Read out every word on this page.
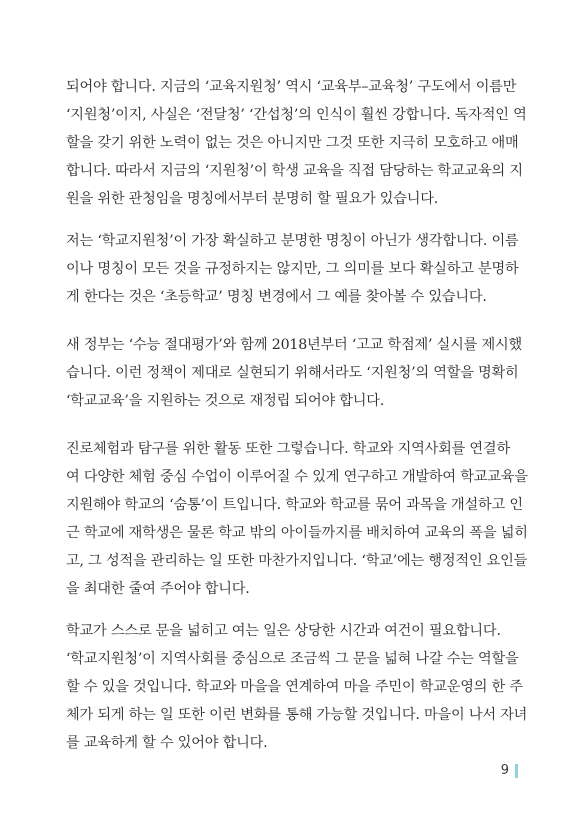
되어야 합니다. 지금의 ‘교육지원청’ 역시 ‘교육부–교육청’ 구도에서 이름만
‘지원청’이지, 사실은 ‘전달청’ ‘간섭청’의 인식이 훨씬 강합니다. 독자적인 역
할을 갖기 위한 노력이 없는 것은 아니지만 그것 또한 지극히 모호하고 애매
합니다. 따라서 지금의 ‘지원청’이 학생 교육을 직접 담당하는 학교교육의 지
원을 위한 관청임을 명칭에서부터 분명히 할 필요가 있습니다.
저는 ‘학교지원청’이 가장 확실하고 분명한 명칭이 아닌가 생각합니다. 이름
이나 명칭이 모든 것을 규정하지는 않지만, 그 의미를 보다 확실하고 분명하
게 한다는 것은 ‘초등학교’ 명칭 변경에서 그 예를 찾아볼 수 있습니다.
새 정부는 ‘수능 절대평가’와 함께 2018년부터 ‘고교 학점제’ 실시를 제시했
습니다. 이런 정책이 제대로 실현되기 위해서라도 ‘지원청’의 역할을 명확히
‘학교교육’을 지원하는 것으로 재정립 되어야 합니다.
진로체험과 탐구를 위한 활동 또한 그렇습니다. 학교와 지역사회를 연결하
여 다양한 체험 중심 수업이 이루어질 수 있게 연구하고 개발하여 학교교육을
지원해야 학교의 ‘숨통’이 트입니다. 학교와 학교를 묶어 과목을 개설하고 인
근 학교에 재학생은 물론 학교 밖의 아이들까지를 배치하여 교육의 폭을 넓히
고, 그 성적을 관리하는 일 또한 마찬가지입니다. ‘학교’에는 행정적인 요인들
을 최대한 줄여 주어야 합니다.
학교가 스스로 문을 넓히고 여는 일은 상당한 시간과 여건이 필요합니다.
‘학교지원청’이 지역사회를 중심으로 조금씩 그 문을 넓혀 나갈 수는 역할을
할 수 있을 것입니다. 학교와 마을을 연계하여 마을 주민이 학교운영의 한 주
체가 되게 하는 일 또한 이런 변화를 통해 가능할 것입니다. 마을이 나서 자녀
를 교육하게 할 수 있어야 합니다.
9
